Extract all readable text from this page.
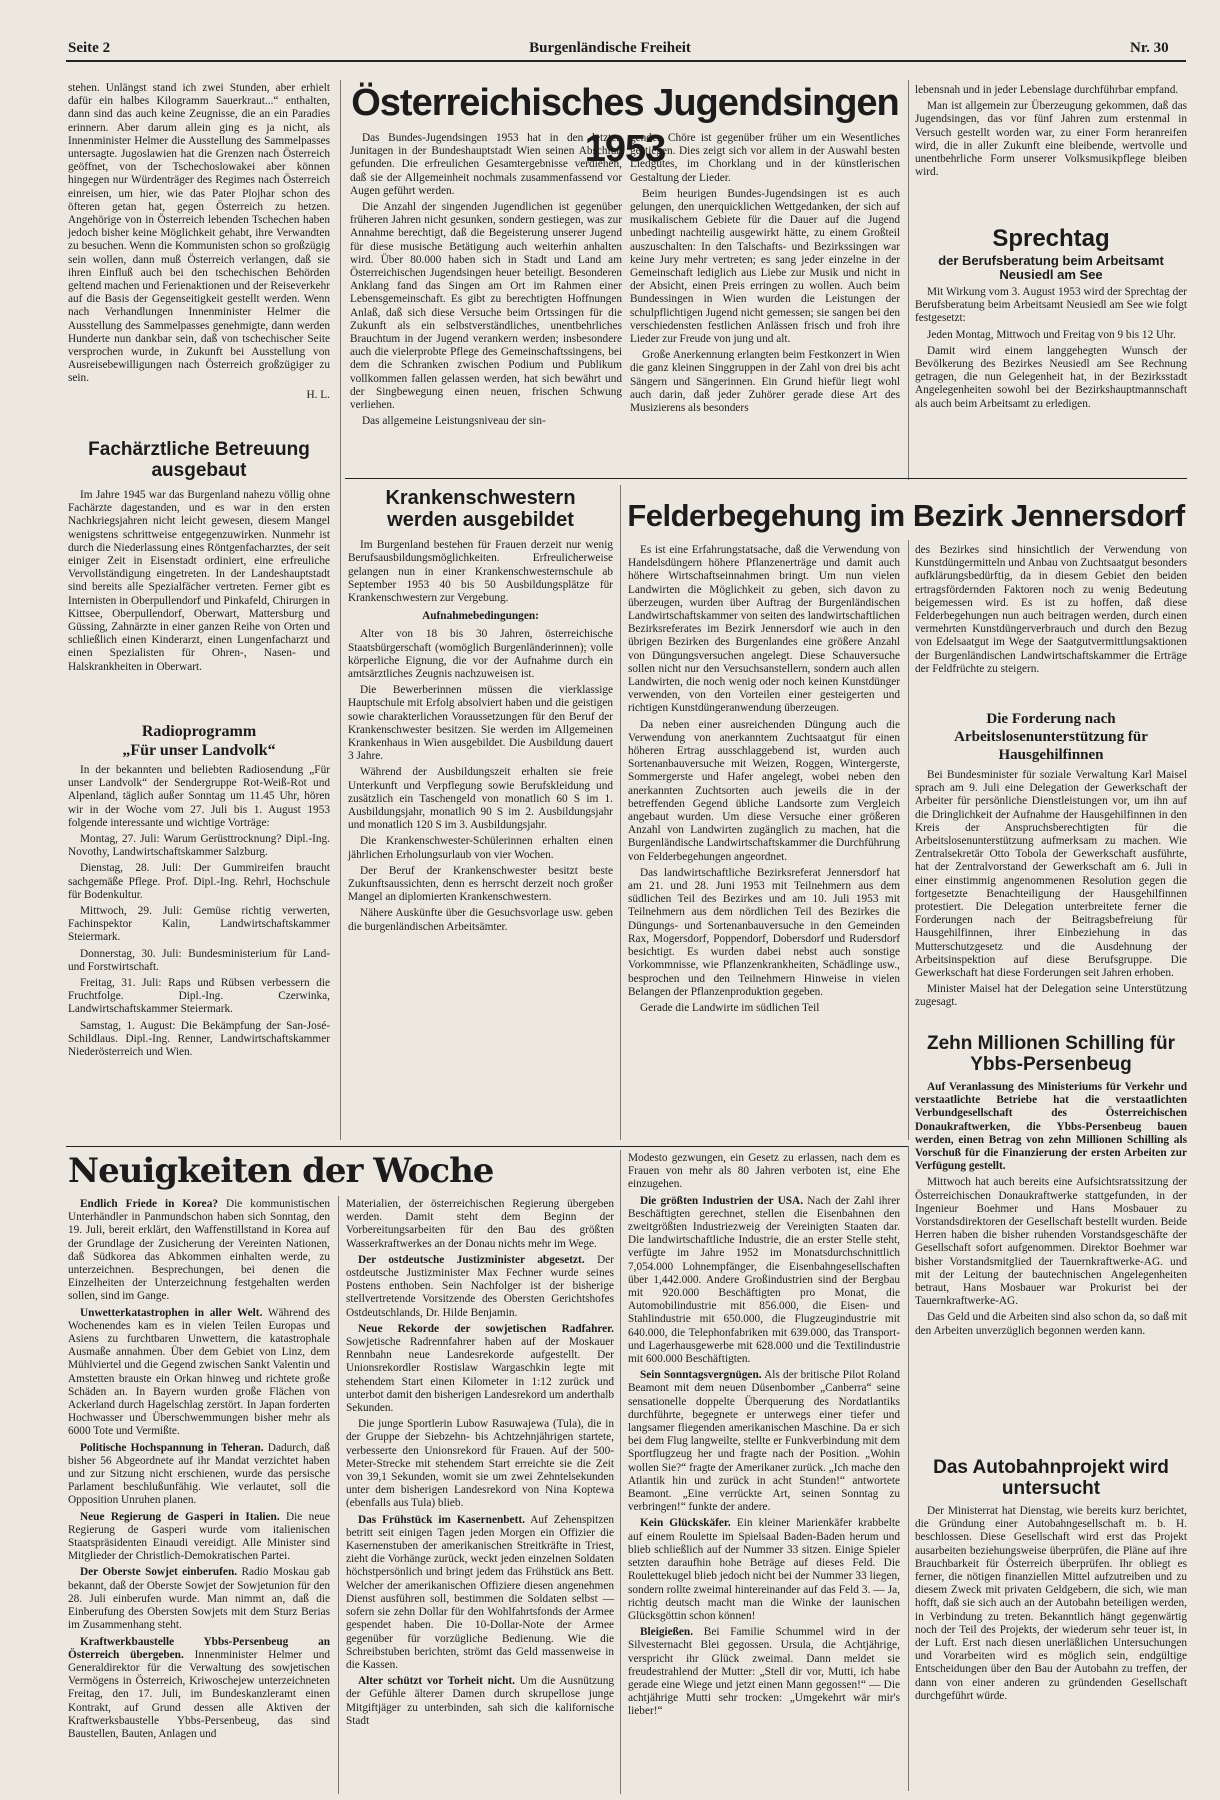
Seite 2	Burgenländische Freiheit	Nr. 30

stehen. Unlängst stand ich zwei Stunden, aber erhielt dafür ein halbes Kilogramm Sauerkraut...“ enthalten, dann sind das auch keine Zeugnisse, die an ein Paradies erinnern. Aber darum allein ging es ja nicht, als Innenminister Helmer die Ausstellung des Sammelpasses untersagte. Jugoslawien hat die Grenzen nach Österreich geöffnet, von der Tschechoslowakei aber können hingegen nur Würdenträger des Regimes nach Österreich einreisen, um hier, wie das Pater Plojhar schon des öfteren getan hat, gegen Österreich zu hetzen. Angehörige von in Österreich lebenden Tschechen haben jedoch bisher keine Möglichkeit gehabt, ihre Verwandten zu besuchen. Wenn die Kommunisten schon so großzügig sein wollen, dann muß Österreich verlangen, daß sie ihren Einfluß auch bei den tschechischen Behörden geltend machen und Ferienaktionen und der Reiseverkehr auf die Basis der Gegenseitigkeit gestellt werden. Wenn nach Verhandlungen Innenminister Helmer die Ausstellung des Sammelpasses genehmigte, dann werden Hunderte nun dankbar sein, daß von tschechischer Seite versprochen wurde, in Zukunft bei Ausstellung von Ausreisebewilligungen nach Österreich großzügiger zu sein.

H. L.
Fachärztliche Betreuung ausgebaut

Im Jahre 1945 war das Burgenland nahezu völlig ohne Fachärzte dagestanden, und es war in den ersten Nachkriegsjahren nicht leicht gewesen, diesem Mangel wenigstens schrittweise entgegenzuwirken. Nunmehr ist durch die Niederlassung eines Röntgenfacharztes, der seit einiger Zeit in Eisenstadt ordiniert, eine erfreuliche Vervollständigung eingetreten. In der Landeshauptstadt sind bereits alle Spezialfächer vertreten. Ferner gibt es Internisten in Oberpullendorf und Pinkafeld, Chirurgen in Kittsee, Oberpullendorf, Oberwart, Mattersburg und Güssing, Zahnärzte in einer ganzen Reihe von Orten und schließlich einen Kinderarzt, einen Lungenfacharzt und einen Spezialisten für Ohren-, Nasen- und Halskrankheiten in Oberwart.

Radioprogramm
„Für unser Landvolk“

In der bekannten und beliebten Radiosendung „Für unser Landvolk“ der Sendergruppe Rot-Weiß-Rot und Alpenland, täglich außer Sonntag um 11.45 Uhr, hören wir in der Woche vom 27. Juli bis 1. August 1953 folgende interessante und wichtige Vorträge:

Montag, 27. Juli: Warum Gerüsttrocknung? Dipl.-Ing. Novothy, Landwirtschaftskammer Salzburg.

Dienstag, 28. Juli: Der Gummireifen braucht sachgemäße Pflege. Prof. Dipl.-Ing. Rehrl, Hochschule für Bodenkultur.

Mittwoch, 29. Juli: Gemüse richtig verwerten, Fachinspektor Kalin, Landwirtschaftskammer Steiermark.

Donnerstag, 30. Juli: Bundesministerium für Land- und Forstwirtschaft.

Freitag, 31. Juli: Raps und Rübsen verbessern die Fruchtfolge. Dipl.-Ing. Czerwinka, Landwirtschaftskammer Steiermark.

Samstag, 1. August: Die Bekämpfung der San-José-Schildlaus. Dipl.-Ing. Renner, Landwirtschaftskammer Niederösterreich und Wien.

Österreichisches Jugendsingen 1953

Das Bundes-Jugendsingen 1953 hat in den letzten Junitagen in der Bundeshauptstadt Wien seinen Abschluß gefunden. Die erfreulichen Gesamtergebnisse verdienen, daß sie der Allgemeinheit nochmals zusammenfassend vor Augen geführt werden.

Die Anzahl der singenden Jugendlichen ist gegenüber früheren Jahren nicht gesunken, sondern gestiegen, was zur Annahme berechtigt, daß die Begeisterung unserer Jugend für diese musische Betätigung auch weiterhin anhalten wird. Über 80.000 haben sich in Stadt und Land am Österreichischen Jugendsingen heuer beteiligt. Besonderen Anklang fand das Singen am Ort im Rahmen einer Lebensgemeinschaft. Es gibt zu berechtigten Hoffnungen Anlaß, daß sich diese Versuche beim Ortssingen für die Zukunft als ein selbstverständliches, unentbehrliches Brauchtum in der Jugend verankern werden; insbesondere auch die vielerprobte Pflege des Gemeinschaftssingens, bei dem die Schranken zwischen Podium und Publikum vollkommen fallen gelassen werden, hat sich bewährt und der Singbewegung einen neuen, frischen Schwung verliehen.

Das allgemeine Leistungsniveau der sin-

genden Chöre ist gegenüber früher um ein Wesentliches gestiegen. Dies zeigt sich vor allem in der Auswahl besten Liedgutes, im Chorklang und in der künstlerischen Gestaltung der Lieder.

Beim heurigen Bundes-Jugendsingen ist es auch gelungen, den unerquicklichen Wettgedanken, der sich auf musikalischem Gebiete für die Dauer auf die Jugend unbedingt nachteilig ausgewirkt hätte, zu einem Großteil auszuschalten: In den Talschafts- und Bezirkssingen war keine Jury mehr vertreten; es sang jeder einzelne in der Gemeinschaft lediglich aus Liebe zur Musik und nicht in der Absicht, einen Preis erringen zu wollen. Auch beim Bundessingen in Wien wurden die Leistungen der schulpflichtigen Jugend nicht gemessen; sie sangen bei den verschiedensten festlichen Anlässen frisch und froh ihre Lieder zur Freude von jung und alt.

Große Anerkennung erlangten beim Festkonzert in Wien die ganz kleinen Singgruppen in der Zahl von drei bis acht Sängern und Sängerinnen. Ein Grund hiefür liegt wohl auch darin, daß jeder Zuhörer gerade diese Art des Musizierens als besonders

lebensnah und in jeder Lebenslage durchführbar empfand.

Man ist allgemein zur Überzeugung gekommen, daß das Jugendsingen, das vor fünf Jahren zum erstenmal in Versuch gestellt worden war, zu einer Form heranreifen wird, die in aller Zukunft eine bleibende, wertvolle und unentbehrliche Form unserer Volksmusikpflege bleiben wird.

Sprechtag
der Berufsberatung beim Arbeitsamt Neusiedl am See

Mit Wirkung vom 3. August 1953 wird der Sprechtag der Berufsberatung beim Arbeitsamt Neusiedl am See wie folgt festgesetzt:

Jeden Montag, Mittwoch und Freitag von 9 bis 12 Uhr.

Damit wird einem langgehegten Wunsch der Bevölkerung des Bezirkes Neusiedl am See Rechnung getragen, die nun Gelegenheit hat, in der Bezirksstadt Angelegenheiten sowohl bei der Bezirkshauptmannschaft als auch beim Arbeitsamt zu erledigen.

Krankenschwestern werden ausgebildet

Im Burgenland bestehen für Frauen derzeit nur wenig Berufsausbildungsmöglichkeiten. Erfreulicherweise gelangen nun in einer Krankenschwesternschule ab September 1953 40 bis 50 Ausbildungsplätze für Krankenschwestern zur Vergebung.

Aufnahmebedingungen:

Alter von 18 bis 30 Jahren, österreichische Staatsbürgerschaft (womöglich Burgenländerinnen); volle körperliche Eignung, die vor der Aufnahme durch ein amtsärztliches Zeugnis nachzuweisen ist.

Die Bewerberinnen müssen die vierklassige Hauptschule mit Erfolg absolviert haben und die geistigen sowie charakterlichen Voraussetzungen für den Beruf der Krankenschwester besitzen. Sie werden im Allgemeinen Krankenhaus in Wien ausgebildet. Die Ausbildung dauert 3 Jahre.

Während der Ausbildungszeit erhalten sie freie Unterkunft und Verpflegung sowie Berufskleidung und zusätzlich ein Taschengeld von monatlich 60 S im 1. Ausbildungsjahr, monatlich 90 S im 2. Ausbildungsjahr und monatlich 120 S im 3. Ausbildungsjahr.

Die Krankenschwester-Schülerinnen erhalten einen jährlichen Erholungsurlaub von vier Wochen.

Der Beruf der Krankenschwester besitzt beste Zukunftsaussichten, denn es herrscht derzeit noch großer Mangel an diplomierten Krankenschwestern.

Nähere Auskünfte über die Gesuchsvorlage usw. geben die burgenländischen Arbeitsämter.

Felderbegehung im Bezirk Jennersdorf

Es ist eine Erfahrungstatsache, daß die Verwendung von Handelsdüngern höhere Pflanzenerträge und damit auch höhere Wirtschaftseinnahmen bringt. Um nun vielen Landwirten die Möglichkeit zu geben, sich davon zu überzeugen, wurden über Auftrag der Burgenländischen Landwirtschaftskammer von seiten des landwirtschaftlichen Bezirksreferates im Bezirk Jennersdorf wie auch in den übrigen Bezirken des Burgenlandes eine größere Anzahl von Düngungsversuchen angelegt. Diese Schauversuche sollen nicht nur den Versuchsanstellern, sondern auch allen Landwirten, die noch wenig oder noch keinen Kunstdünger verwenden, von den Vorteilen einer gesteigerten und richtigen Kunstdüngeranwendung überzeugen.

Da neben einer ausreichenden Düngung auch die Verwendung von anerkanntem Zuchtsaatgut für einen höheren Ertrag ausschlaggebend ist, wurden auch Sortenanbauversuche mit Weizen, Roggen, Wintergerste, Sommergerste und Hafer angelegt, wobei neben den anerkannten Zuchtsorten auch jeweils die in der betreffenden Gegend übliche Landsorte zum Vergleich angebaut wurden. Um diese Versuche einer größeren Anzahl von Landwirten zugänglich zu machen, hat die Burgenländische Landwirtschaftskammer die Durchführung von Felderbegehungen angeordnet.

Das landwirtschaftliche Bezirksreferat Jennersdorf hat am 21. und 28. Juni 1953 mit Teilnehmern aus dem südlichen Teil des Bezirkes und am 10. Juli 1953 mit Teilnehmern aus dem nördlichen Teil des Bezirkes die Düngungs- und Sortenanbauversuche in den Gemeinden Rax, Mogersdorf, Poppendorf, Dobersdorf und Rudersdorf besichtigt. Es wurden dabei nebst auch sonstige Vorkommnisse, wie Pflanzenkrankheiten, Schädlinge usw., besprochen und den Teilnehmern Hinweise in vielen Belangen der Pflanzenproduktion gegeben.

Gerade die Landwirte im südlichen Teil

des Bezirkes sind hinsichtlich der Verwendung von Kunstdüngermitteln und Anbau von Zuchtsaatgut besonders aufklärungsbedürftig, da in diesem Gebiet den beiden ertragsfördernden Faktoren noch zu wenig Bedeutung beigemessen wird. Es ist zu hoffen, daß diese Felderbegehungen nun auch beitragen werden, durch einen vermehrten Kunstdüngerverbrauch und durch den Bezug von Edelsaatgut im Wege der Saatgutvermittlungsaktionen der Burgenländischen Landwirtschaftskammer die Erträge der Feldfrüchte zu steigern.

Die Forderung nach Arbeitslosenunterstützung für Hausgehilfinnen

Bei Bundesminister für soziale Verwaltung Karl Maisel sprach am 9. Juli eine Delegation der Gewerkschaft der Arbeiter für persönliche Dienstleistungen vor, um ihn auf die Dringlichkeit der Aufnahme der Hausgehilfinnen in den Kreis der Anspruchsberechtigten für die Arbeitslosenunterstützung aufmerksam zu machen. Wie Zentralsekretär Otto Tobola der Gewerkschaft ausführte, hat der Zentralvorstand der Gewerkschaft am 6. Juli in einer einstimmig angenommenen Resolution gegen die fortgesetzte Benachteiligung der Hausgehilfinnen protestiert. Die Delegation unterbreitete ferner die Forderungen nach der Beitragsbefreiung für Hausgehilfinnen, ihrer Einbeziehung in das Mutterschutzgesetz und die Ausdehnung der Arbeitsinspektion auf diese Berufsgruppe. Die Gewerkschaft hat diese Forderungen seit Jahren erhoben.

Minister Maisel hat der Delegation seine Unterstützung zugesagt.

Zehn Millionen Schilling für Ybbs-Persenbeug

Auf Veranlassung des Ministeriums für Verkehr und verstaatlichte Betriebe hat die verstaatlichten Verbundgesellschaft des Österreichischen Donaukraftwerken, die Ybbs-Persenbeug bauen werden, einen Betrag von zehn Millionen Schilling als Vorschuß für die Finanzierung der ersten Arbeiten zur Verfügung gestellt.

Mittwoch hat auch bereits eine Aufsichtsratssitzung der Österreichischen Donaukraftwerke stattgefunden, in der Ingenieur Boehmer und Hans Mosbauer zu Vorstandsdirektoren der Gesellschaft bestellt wurden. Beide Herren haben die bisher ruhenden Vorstandsgeschäfte der Gesellschaft sofort aufgenommen. Direktor Boehmer war bisher Vorstandsmitglied der Tauernkraftwerke-AG. und mit der Leitung der bautechnischen Angelegenheiten betraut, Hans Mosbauer war Prokurist bei der Tauernkraftwerke-AG.

Das Geld und die Arbeiten sind also schon da, so daß mit den Arbeiten unverzüglich begonnen werden kann.

Das Autobahnprojekt wird untersucht

Der Ministerrat hat Dienstag, wie bereits kurz berichtet, die Gründung einer Autobahngesellschaft m. b. H. beschlossen. Diese Gesellschaft wird erst das Projekt ausarbeiten beziehungsweise überprüfen, die Pläne auf ihre Brauchbarkeit für Österreich überprüfen. Ihr obliegt es ferner, die nötigen finanziellen Mittel aufzutreiben und zu diesem Zweck mit privaten Geldgebern, die sich, wie man hofft, daß sie sich auch an der Autobahn beteiligen werden, in Verbindung zu treten. Bekanntlich hängt gegenwärtig noch der Teil des Projekts, der wiederum sehr teuer ist, in der Luft. Erst nach diesen unerläßlichen Untersuchungen und Vorarbeiten wird es möglich sein, endgültige Entscheidungen über den Bau der Autobahn zu treffen, der dann von einer anderen zu gründenden Gesellschaft durchgeführt würde.

Neuigkeiten der Woche

Endlich Friede in Korea? Die kommunistischen Unterhändler in Panmundschon haben sich Sonntag, den 19. Juli, bereit erklärt, den Waffenstillstand in Korea auf der Grundlage der Zusicherung der Vereinten Nationen, daß Südkorea das Abkommen einhalten werde, zu unterzeichnen. Besprechungen, bei denen die Einzelheiten der Unterzeichnung festgehalten werden sollen, sind im Gange.

Unwetterkatastrophen in aller Welt. Während des Wochenendes kam es in vielen Teilen Europas und Asiens zu furchtbaren Unwettern, die katastrophale Ausmaße annahmen. Über dem Gebiet von Linz, dem Mühlviertel und die Gegend zwischen Sankt Valentin und Amstetten brauste ein Orkan hinweg und richtete große Schäden an. In Bayern wurden große Flächen von Ackerland durch Hagelschlag zerstört. In Japan forderten Hochwasser und Überschwemmungen bisher mehr als 6000 Tote und Vermißte.

Politische Hochspannung in Teheran. Dadurch, daß bisher 56 Abgeordnete auf ihr Mandat verzichtet haben und zur Sitzung nicht erschienen, wurde das persische Parlament beschlußunfähig. Wie verlautet, soll die Opposition Unruhen planen.

Neue Regierung de Gasperi in Italien. Die neue Regierung de Gasperi wurde vom italienischen Staatspräsidenten Einaudi vereidigt. Alle Minister sind Mitglieder der Christlich-Demokratischen Partei.

Der Oberste Sowjet einberufen. Radio Moskau gab bekannt, daß der Oberste Sowjet der Sowjetunion für den 28. Juli einberufen wurde. Man nimmt an, daß die Einberufung des Obersten Sowjets mit dem Sturz Berias im Zusammenhang steht.

Kraftwerkbaustelle Ybbs-Persenbeug an Österreich übergeben. Innenminister Helmer und Generaldirektor für die Verwaltung des sowjetischen Vermögens in Österreich, Kriwoschejew unterzeichneten Freitag, den 17. Juli, im Bundeskanzleramt einen Kontrakt, auf Grund dessen alle Aktiven der Kraftwerksbaustelle Ybbs-Persenbeug, das sind Baustellen, Bauten, Anlagen und

Materialien, der österreichischen Regierung übergeben werden. Damit steht dem Beginn der Vorbereitungsarbeiten für den Bau des größten Wasserkraftwerkes an der Donau nichts mehr im Wege.

Der ostdeutsche Justizminister abgesetzt. Der ostdeutsche Justizminister Max Fechner wurde seines Postens enthoben. Sein Nachfolger ist der bisherige stellvertretende Vorsitzende des Obersten Gerichtshofes Ostdeutschlands, Dr. Hilde Benjamin.

Neue Rekorde der sowjetischen Radfahrer. Sowjetische Radrennfahrer haben auf der Moskauer Rennbahn neue Landesrekorde aufgestellt. Der Unionsrekordler Rostislaw Wargaschkin legte mit stehendem Start einen Kilometer in 1:12 zurück und unterbot damit den bisherigen Landesrekord um anderthalb Sekunden.

Die junge Sportlerin Lubow Rasuwajewa (Tula), die in der Gruppe der Siebzehn- bis Achtzehnjährigen startete, verbesserte den Unionsrekord für Frauen. Auf der 500-Meter-Strecke mit stehendem Start erreichte sie die Zeit von 39,1 Sekunden, womit sie um zwei Zehntelsekunden unter dem bisherigen Landesrekord von Nina Koptewa (ebenfalls aus Tula) blieb.

Das Frühstück im Kasernenbett. Auf Zehenspitzen betritt seit einigen Tagen jeden Morgen ein Offizier die Kasernenstuben der amerikanischen Streitkräfte in Triest, zieht die Vorhänge zurück, weckt jeden einzelnen Soldaten höchstpersönlich und bringt jedem das Frühstück ans Bett. Welcher der amerikanischen Offiziere diesen angenehmen Dienst ausführen soll, bestimmen die Soldaten selbst — sofern sie zehn Dollar für den Wohlfahrtsfonds der Armee gespendet haben. Die 10-Dollar-Note der Armee gegenüber für vorzügliche Bedienung. Wie die Schreibstuben berichten, strömt das Geld massenweise in die Kassen.

Alter schützt vor Torheit nicht. Um die Ausnützung der Gefühle älterer Damen durch skrupellose junge Mitgiftjäger zu unterbinden, sah sich die kalifornische Stadt

Modesto gezwungen, ein Gesetz zu erlassen, nach dem es Frauen von mehr als 80 Jahren verboten ist, eine Ehe einzugehen.

Die größten Industrien der USA. Nach der Zahl ihrer Beschäftigten gerechnet, stellen die Eisenbahnen den zweitgrößten Industriezweig der Vereinigten Staaten dar. Die landwirtschaftliche Industrie, die an erster Stelle steht, verfügte im Jahre 1952 im Monatsdurchschnittlich 7,054.000 Lohnempfänger, die Eisenbahngesellschaften über 1,442.000. Andere Großindustrien sind der Bergbau mit 920.000 Beschäftigten pro Monat, die Automobilindustrie mit 856.000, die Eisen- und Stahlindustrie mit 650.000, die Flugzeugindustrie mit 640.000, die Telephonfabriken mit 639.000, das Transport- und Lagerhausgewerbe mit 628.000 und die Textilindustrie mit 600.000 Beschäftigten.

Sein Sonntagsvergnügen. Als der britische Pilot Roland Beamont mit dem neuen Düsenbomber „Canberra“ seine sensationelle doppelte Überquerung des Nordatlantiks durchführte, begegnete er unterwegs einer tiefer und langsamer fliegenden amerikanischen Maschine. Da er sich bei dem Flug langweilte, stellte er Funkverbindung mit dem Sportflugzeug her und fragte nach der Position. „Wohin wollen Sie?“ fragte der Amerikaner zurück. „Ich mache den Atlantik hin und zurück in acht Stunden!“ antwortete Beamont. „Eine verrückte Art, seinen Sonntag zu verbringen!“ funkte der andere.

Kein Glückskäfer. Ein kleiner Marienkäfer krabbelte auf einem Roulette im Spielsaal Baden-Baden herum und blieb schließlich auf der Nummer 33 sitzen. Einige Spieler setzten daraufhin hohe Beträge auf dieses Feld. Die Roulettekugel blieb jedoch nicht bei der Nummer 33 liegen, sondern rollte zweimal hintereinander auf das Feld 3. — Ja, richtig deutsch macht man die Winke der launischen Glücksgöttin schon können!

Bleigießen. Bei Familie Schummel wird in der Silvesternacht Blei gegossen. Ursula, die Achtjährige, verspricht ihr Glück zweimal. Dann meldet sie freudestrahlend der Mutter: „Stell dir vor, Mutti, ich habe gerade eine Wiege und jetzt einen Mann gegossen!“ — Die achtjährige Mutti sehr trocken: „Umgekehrt wär mir's lieber!“
